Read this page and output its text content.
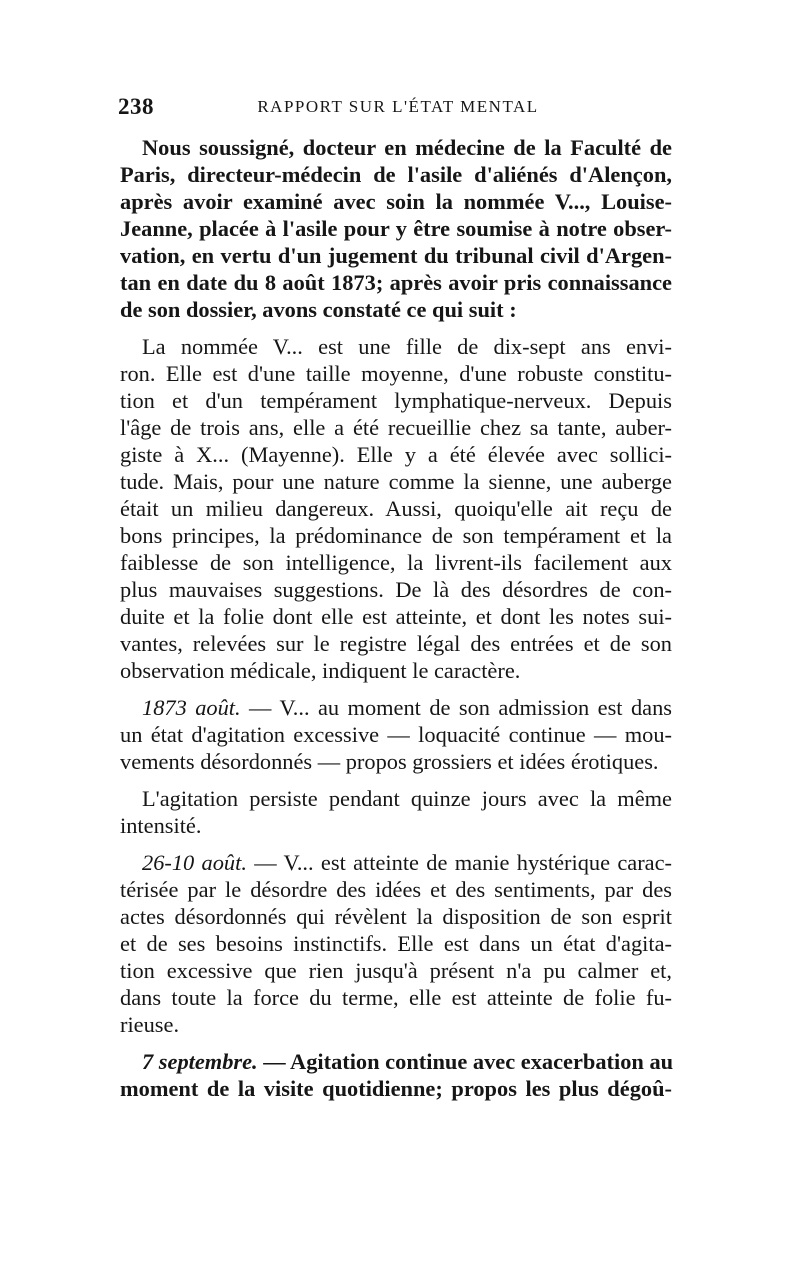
238	RAPPORT SUR L'ÉTAT MENTAL

Nous soussigné, docteur en médecine de la Faculté de
Paris, directeur-médecin de l'asile d'aliénés d'Alençon,
après avoir examiné avec soin la nommée V..., Louise-
Jeanne, placée à l'asile pour y être soumise à notre obser-
vation, en vertu d'un jugement du tribunal civil d'Argen-
tan en date du 8 août 1873; après avoir pris connaissance
de son dossier, avons constaté ce qui suit :

La nommée V... est une fille de dix-sept ans envi-
ron. Elle est d'une taille moyenne, d'une robuste constitu-
tion et d'un tempérament lymphatique-nerveux. Depuis
l'âge de trois ans, elle a été recueillie chez sa tante, auber-
giste à X... (Mayenne). Elle y a été élevée avec sollici-
tude. Mais, pour une nature comme la sienne, une auberge
était un milieu dangereux. Aussi, quoiqu'elle ait reçu de
bons principes, la prédominance de son tempérament et la
faiblesse de son intelligence, la livrent-ils facilement aux
plus mauvaises suggestions. De là des désordres de con-
duite et la folie dont elle est atteinte, et dont les notes sui-
vantes, relevées sur le registre légal des entrées et de son
observation médicale, indiquent le caractère.

1873 août. — V... au moment de son admission est dans
un état d'agitation excessive — loquacité continue — mou-
vements désordonnés — propos grossiers et idées érotiques.

L'agitation persiste pendant quinze jours avec la même
intensité.

26-10 août. — V... est atteinte de manie hystérique carac-
térisée par le désordre des idées et des sentiments, par des
actes désordonnés qui révèlent la disposition de son esprit
et de ses besoins instinctifs. Elle est dans un état d'agita-
tion excessive que rien jusqu'à présent n'a pu calmer et,
dans toute la force du terme, elle est atteinte de folie fu-
rieuse.

7 septembre. — Agitation continue avec exacerbation au
moment de la visite quotidienne; propos les plus dégoû-
